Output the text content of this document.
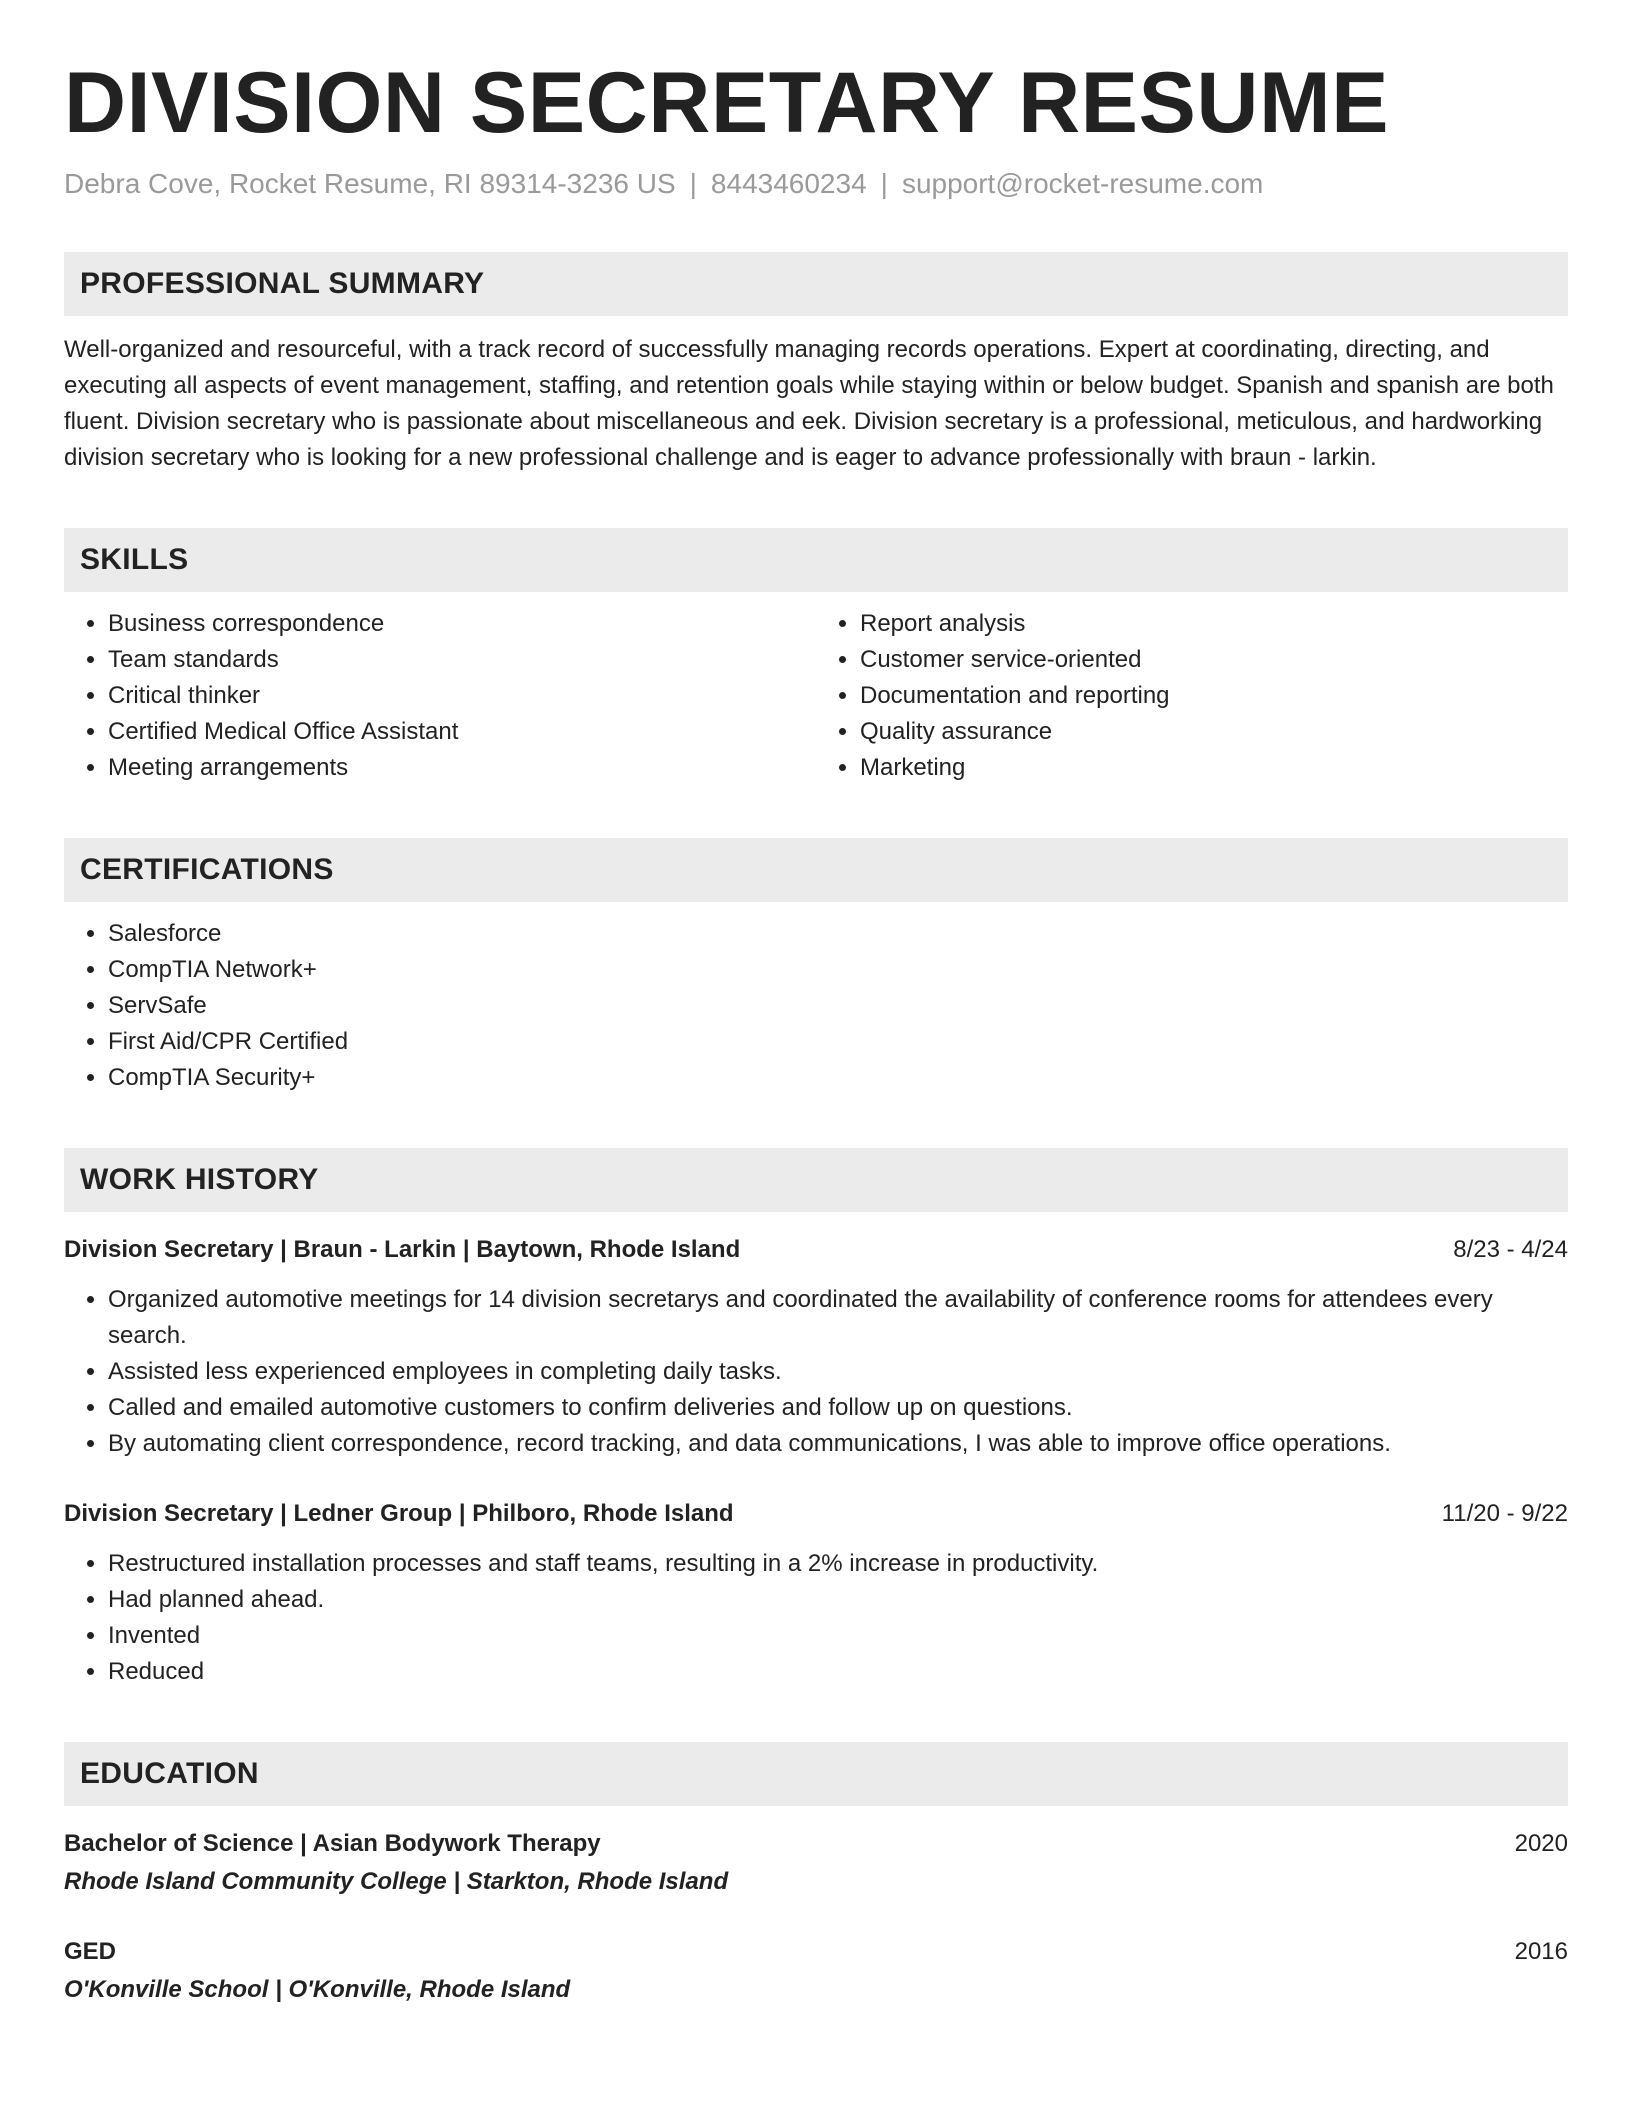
DIVISION SECRETARY RESUME
Debra Cove, Rocket Resume, RI 89314-3236 US | 8443460234 | support@rocket-resume.com
PROFESSIONAL SUMMARY
Well-organized and resourceful, with a track record of successfully managing records operations. Expert at coordinating, directing, and executing all aspects of event management, staffing, and retention goals while staying within or below budget. Spanish and spanish are both fluent. Division secretary who is passionate about miscellaneous and eek. Division secretary is a professional, meticulous, and hardworking division secretary who is looking for a new professional challenge and is eager to advance professionally with braun - larkin.
SKILLS
• Business correspondence
• Team standards
• Critical thinker
• Certified Medical Office Assistant
• Meeting arrangements
• Report analysis
• Customer service-oriented
• Documentation and reporting
• Quality assurance
• Marketing
CERTIFICATIONS
• Salesforce
• CompTIA Network+
• ServSafe
• First Aid/CPR Certified
• CompTIA Security+
WORK HISTORY
Division Secretary | Braun - Larkin | Baytown, Rhode Island	8/23 - 4/24
• Organized automotive meetings for 14 division secretarys and coordinated the availability of conference rooms for attendees every search.
• Assisted less experienced employees in completing daily tasks.
• Called and emailed automotive customers to confirm deliveries and follow up on questions.
• By automating client correspondence, record tracking, and data communications, I was able to improve office operations.
Division Secretary | Ledner Group | Philboro, Rhode Island	11/20 - 9/22
• Restructured installation processes and staff teams, resulting in a 2% increase in productivity.
• Had planned ahead.
• Invented
• Reduced
EDUCATION
Bachelor of Science | Asian Bodywork Therapy	2020
Rhode Island Community College | Starkton, Rhode Island
GED	2016
O'Konville School | O'Konville, Rhode Island
